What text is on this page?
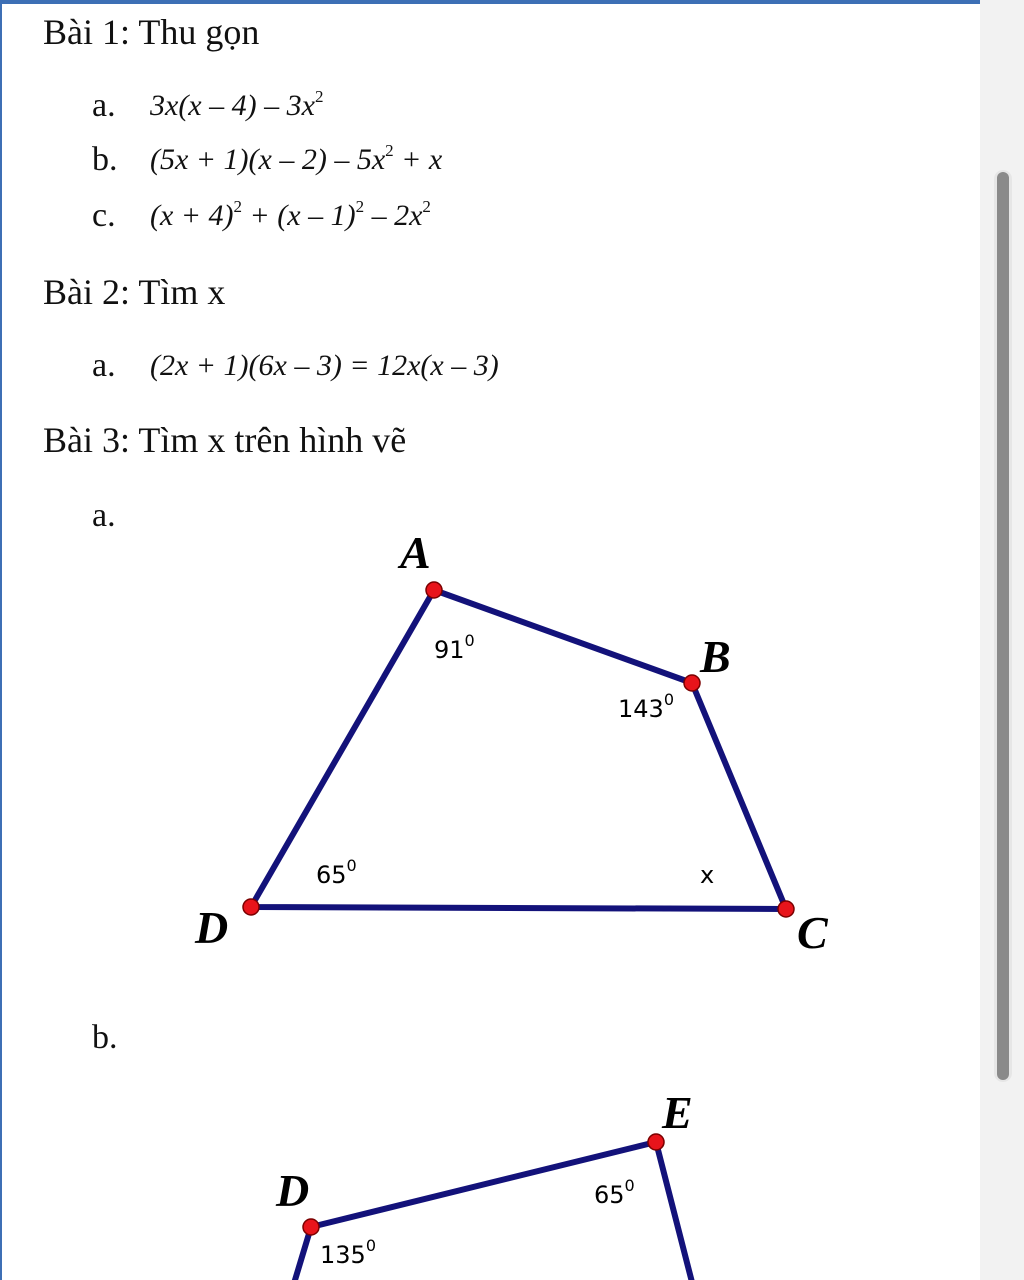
Bài 1: Thu gọn
a. $3x(x - 4) - 3x^2$
b. $(5x + 1)(x - 2) - 5x^2 + x$
c. $(x + 4)^2 + (x - 1)^2 - 2x^2$
Bài 2: Tìm x
a. (2x + 1)(6x – 3) = 12x(x – 3)
Bài 3: Tìm x trên hình vẽ
a.
b.
A
B
C
D
$91^0$
$143^0$
$65^0$	x
D
E
$65^0$
$135^0$
